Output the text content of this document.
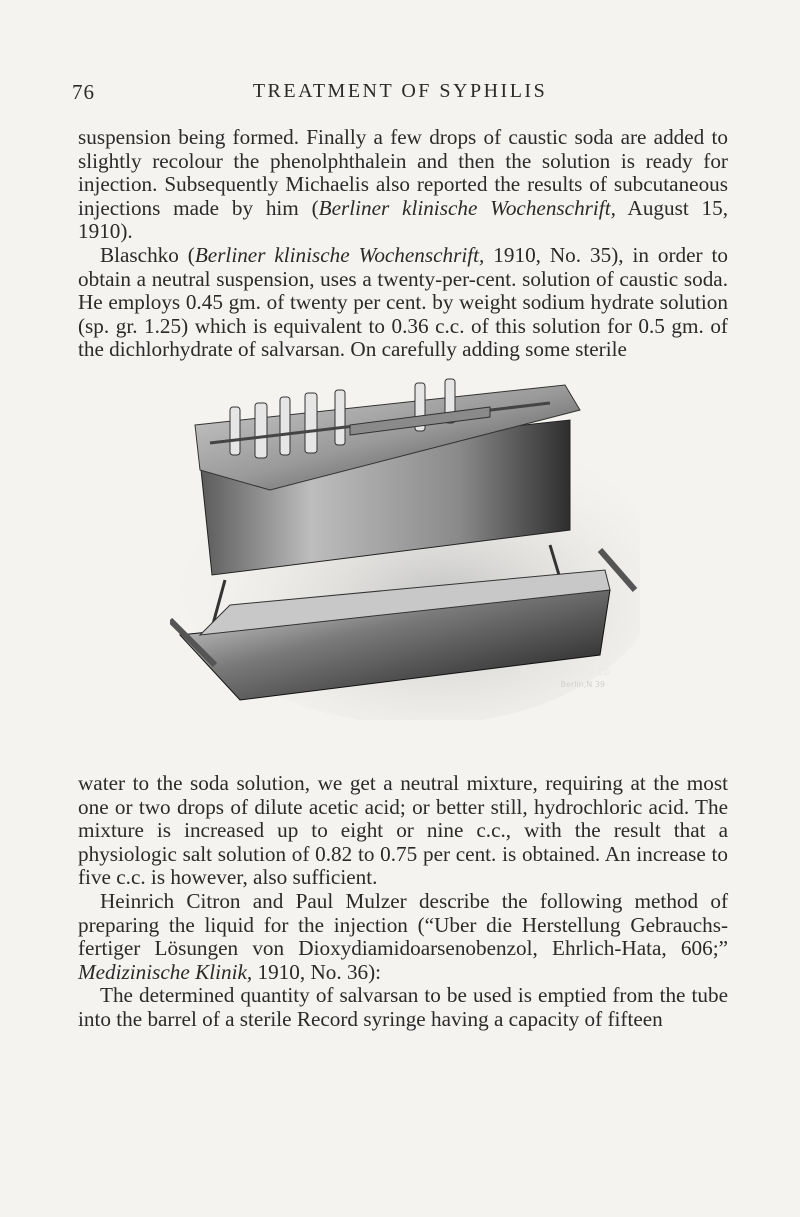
76	TREATMENT OF SYPHILIS

suspension being formed. Finally a few drops of caustic soda are added to slightly recolour the phenolphthalein and then the solution is ready for injection. Subsequently Michaelis also reported the results of subcutaneous injections made by him (Berliner klinische Wochenschrift, August 15, 1910).

Blaschko (Berliner klinische Wochenschrift, 1910, No. 35), in order to obtain a neutral suspension, uses a twenty-per-cent. solution of caustic soda. He employs 0.45 gm. of twenty per cent. by weight sodium hydrate solution (sp. gr. 1.25) which is equivalent to 0.36 c.c. of this solution for 0.5 gm. of the dichlorhydrate of salvarsan. On carefully adding some sterile

Edgar Hirsch u Co
Berlin,N 39

water to the soda solution, we get a neutral mixture, requiring at the most one or two drops of dilute acetic acid; or better still, hydrochloric acid. The mixture is increased up to eight or nine c.c., with the result that a physiologic salt solution of 0.82 to 0.75 per cent. is obtained. An increase to five c.c. is however, also sufficient.

Heinrich Citron and Paul Mulzer describe the following method of preparing the liquid for the injection (“Uber die Herstellung Gebrauchs-fertiger Lösungen von Dioxydiamidoarsenobenzol, Ehrlich-Hata, 606;” Medizinische Klinik, 1910, No. 36):

The determined quantity of salvarsan to be used is emptied from the tube into the barrel of a sterile Record syringe having a capacity of fifteen
